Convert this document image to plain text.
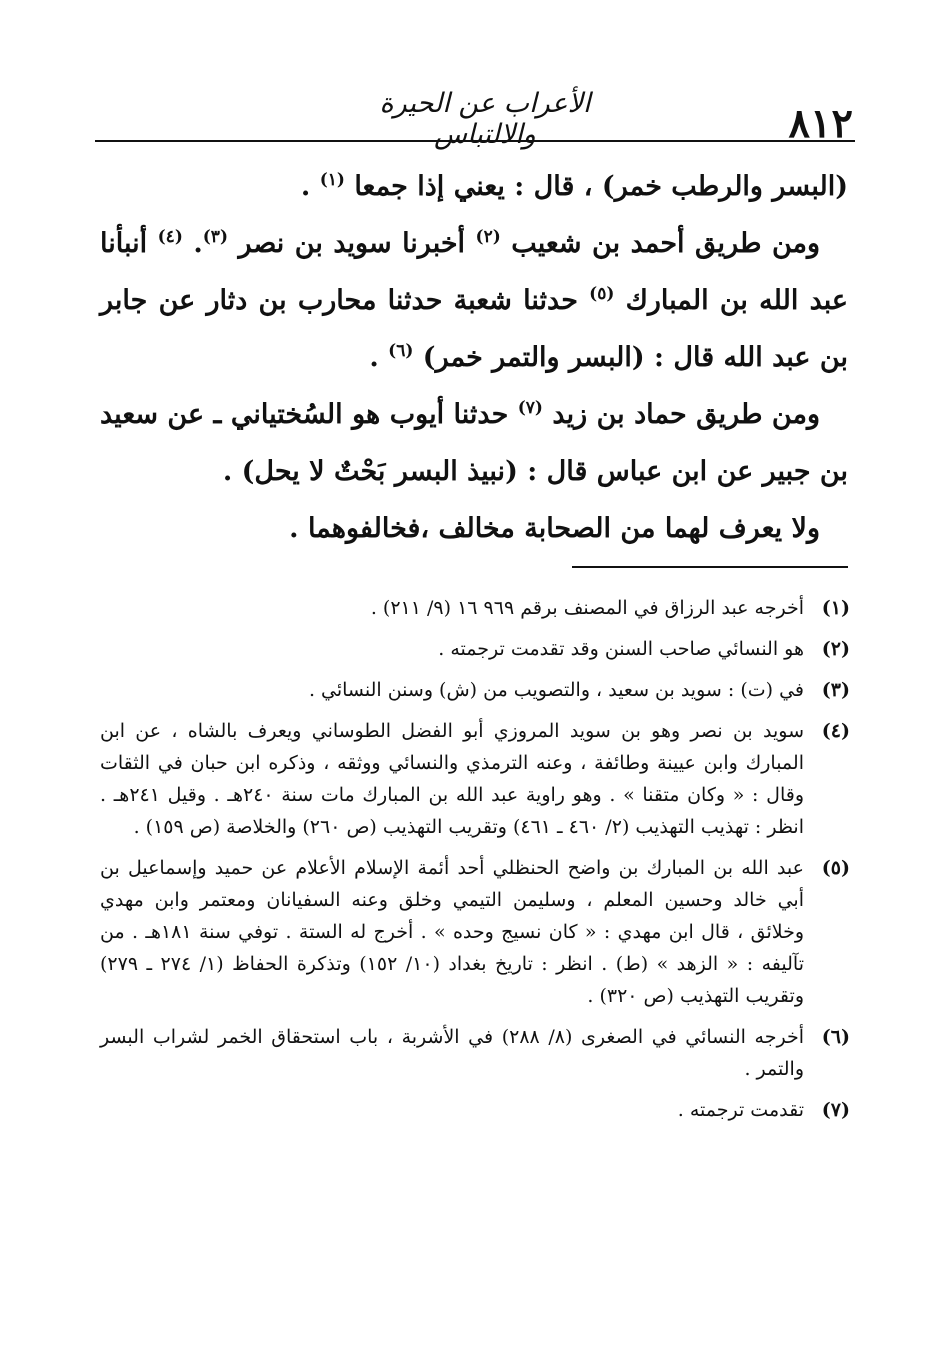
٨١٢
الأعراب عن الحيرة والالتباس

(البسر والرطب خمر) ، قال : يعني إذا جمعا $^{(١)}$ .

ومن طريق أحمد بن شعيب $^{(٢)}$ أخبرنا سويد بن نصر $^{(٣)}$. $^{(٤)}$ أنبأنا عبد الله بن المبارك $^{(٥)}$ حدثنا شعبة حدثنا محارب بن دثار عن جابر بن عبد الله قال : (البسر والتمر خمر) $^{(٦)}$ .

ومن طريق حماد بن زيد $^{(٧)}$ حدثنا أيوب هو السُختياني ـ عن سعيد بن جبير عن ابن عباس قال : (نبيذ البسر بَحْتٌ لا يحل) .

ولا يعرف لهما من الصحابة مخالف ،فخالفوهما .

(١)
أخرجه عبد الرزاق في المصنف برقم ٩٦٩ ١٦ (٩/ ٢١١) .
(٢)
هو النسائي صاحب السنن وقد تقدمت ترجمته .
(٣)
في (ت) : سويد بن سعيد ، والتصويب من (ش) وسنن النسائي .
(٤)
سويد بن نصر وهو بن سويد المروزي أبو الفضل الطوساني ويعرف بالشاه ، عن ابن المبارك وابن عيينة وطائفة ، وعنه الترمذي والنسائي ووثقه ، وذكره ابن حبان في الثقات وقال : « وكان متقنا » . وهو راوية عبد الله بن المبارك مات سنة ٢٤٠هـ . وقيل ٢٤١هـ . انظر : تهذيب التهذيب (٢/ ٤٦٠ ـ ٤٦١) وتقريب التهذيب (ص ٢٦٠) والخلاصة (ص ١٥٩) .
(٥)
عبد الله بن المبارك بن واضح الحنظلي أحد أئمة الإسلام الأعلام عن حميد وإسماعيل بن أبي خالد وحسين المعلم ، وسليمن التيمي وخلق وعنه السفيانان ومعتمر وابن مهدي وخلائق ، قال ابن مهدي : « كان نسيج وحده » . أخرج له الستة . توفي سنة ١٨١هـ . من تآليفه : « الزهد » (ط) . انظر : تاريخ بغداد (١٠/ ١٥٢) وتذكرة الحفاظ (١/ ٢٧٤ ـ ٢٧٩) وتقريب التهذيب (ص ٣٢٠) .
(٦)
أخرجه النسائي في الصغرى (٨/ ٢٨٨) في الأشربة ، باب استحقاق الخمر لشراب البسر والتمر .
(٧)
تقدمت ترجمته .
